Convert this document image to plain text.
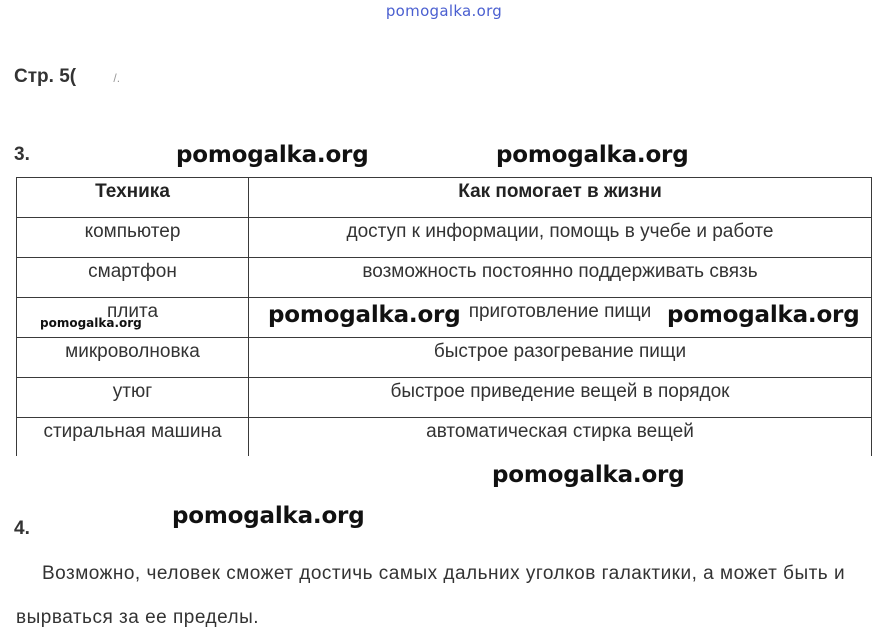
pomogalka.org
Стр. 5(	/.
3.	pomogalka.org	pomogalka.org
Техника	Как помогает в жизни
компьютер	доступ к информации, помощь в учебе и работе
смартфон	возможность постоянно поддерживать связь
плита	приготовление пищи
микроволновка	быстрое разогревание пищи
утюг	быстрое приведение вещей в порядок
стиральная машина	автоматическая стирка вещей
pomogalka.org	pomogalka.org	pomogalka.org
pomogalka.org
pomogalka.org
4.
Возможно, человек сможет достичь самых дальних уголков галактики, а может быть и вырваться за ее пределы.
